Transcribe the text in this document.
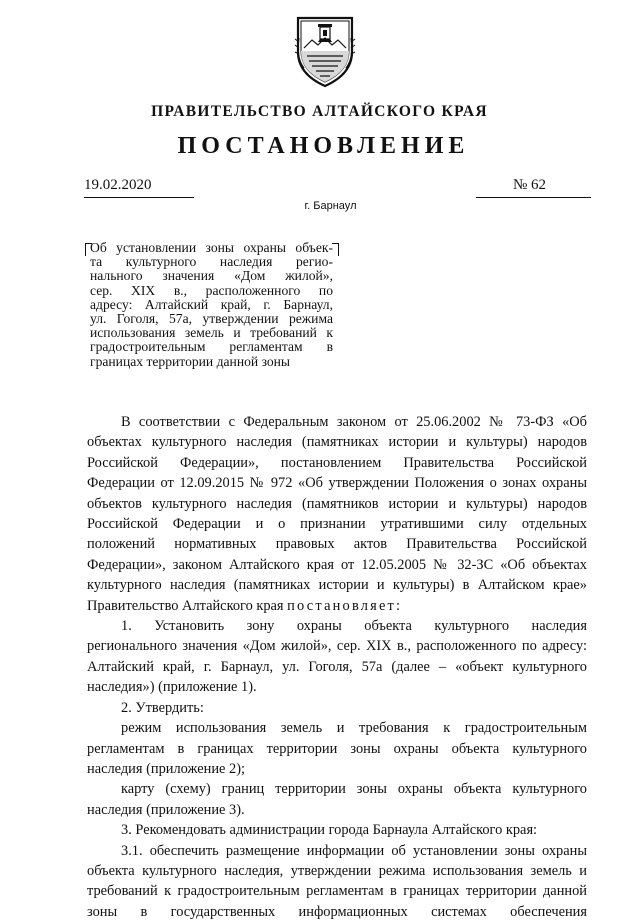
ПРАВИТЕЛЬСТВО АЛТАЙСКОГО КРАЯ
ПОСТАНОВЛЕНИЕ
19.02.2020	№ 62
г. Барнаул
Об установлении зоны охраны объек-
та культурного наследия регио-
нального значения «Дом жилой»,
сер. XIX в., расположенного по
адресу: Алтайский край, г. Барнаул,
ул. Гоголя, 57а, утверждении режима
использования земель и требований к
градостроительным регламентам в
границах территории данной зоны
В соответствии с Федеральным законом от 25.06.2002 № 73-ФЗ «Об
объектах культурного наследия (памятниках истории и культуры) народов
Российской Федерации», постановлением Правительства Российской
Федерации от 12.09.2015 № 972 «Об утверждении Положения о зонах охраны
объектов культурного наследия (памятников истории и культуры) народов
Российской Федерации и о признании утратившими силу отдельных
положений нормативных правовых актов Правительства Российской
Федерации», законом Алтайского края от 12.05.2005 № 32-ЗС «Об объектах
культурного наследия (памятниках истории и культуры) в Алтайском крае»
Правительство Алтайского края постановляет:
1. Установить зону охраны объекта культурного наследия
регионального значения «Дом жилой», сер. XIX в., расположенного по адресу:
Алтайский край, г. Барнаул, ул. Гоголя, 57а (далее – «объект культурного
наследия») (приложение 1).
2. Утвердить:
режим использования земель и требования к градостроительным
регламентам в границах территории зоны охраны объекта культурного
наследия (приложение 2);
карту (схему) границ территории зоны охраны объекта культурного
наследия (приложение 3).
3. Рекомендовать администрации города Барнаула Алтайского края:
3.1. обеспечить размещение информации об установлении зоны охраны
объекта культурного наследия, утверждении режима использования земель и
требований к градостроительным регламентам в границах территории данной
зоны в государственных информационных системах обеспечения
